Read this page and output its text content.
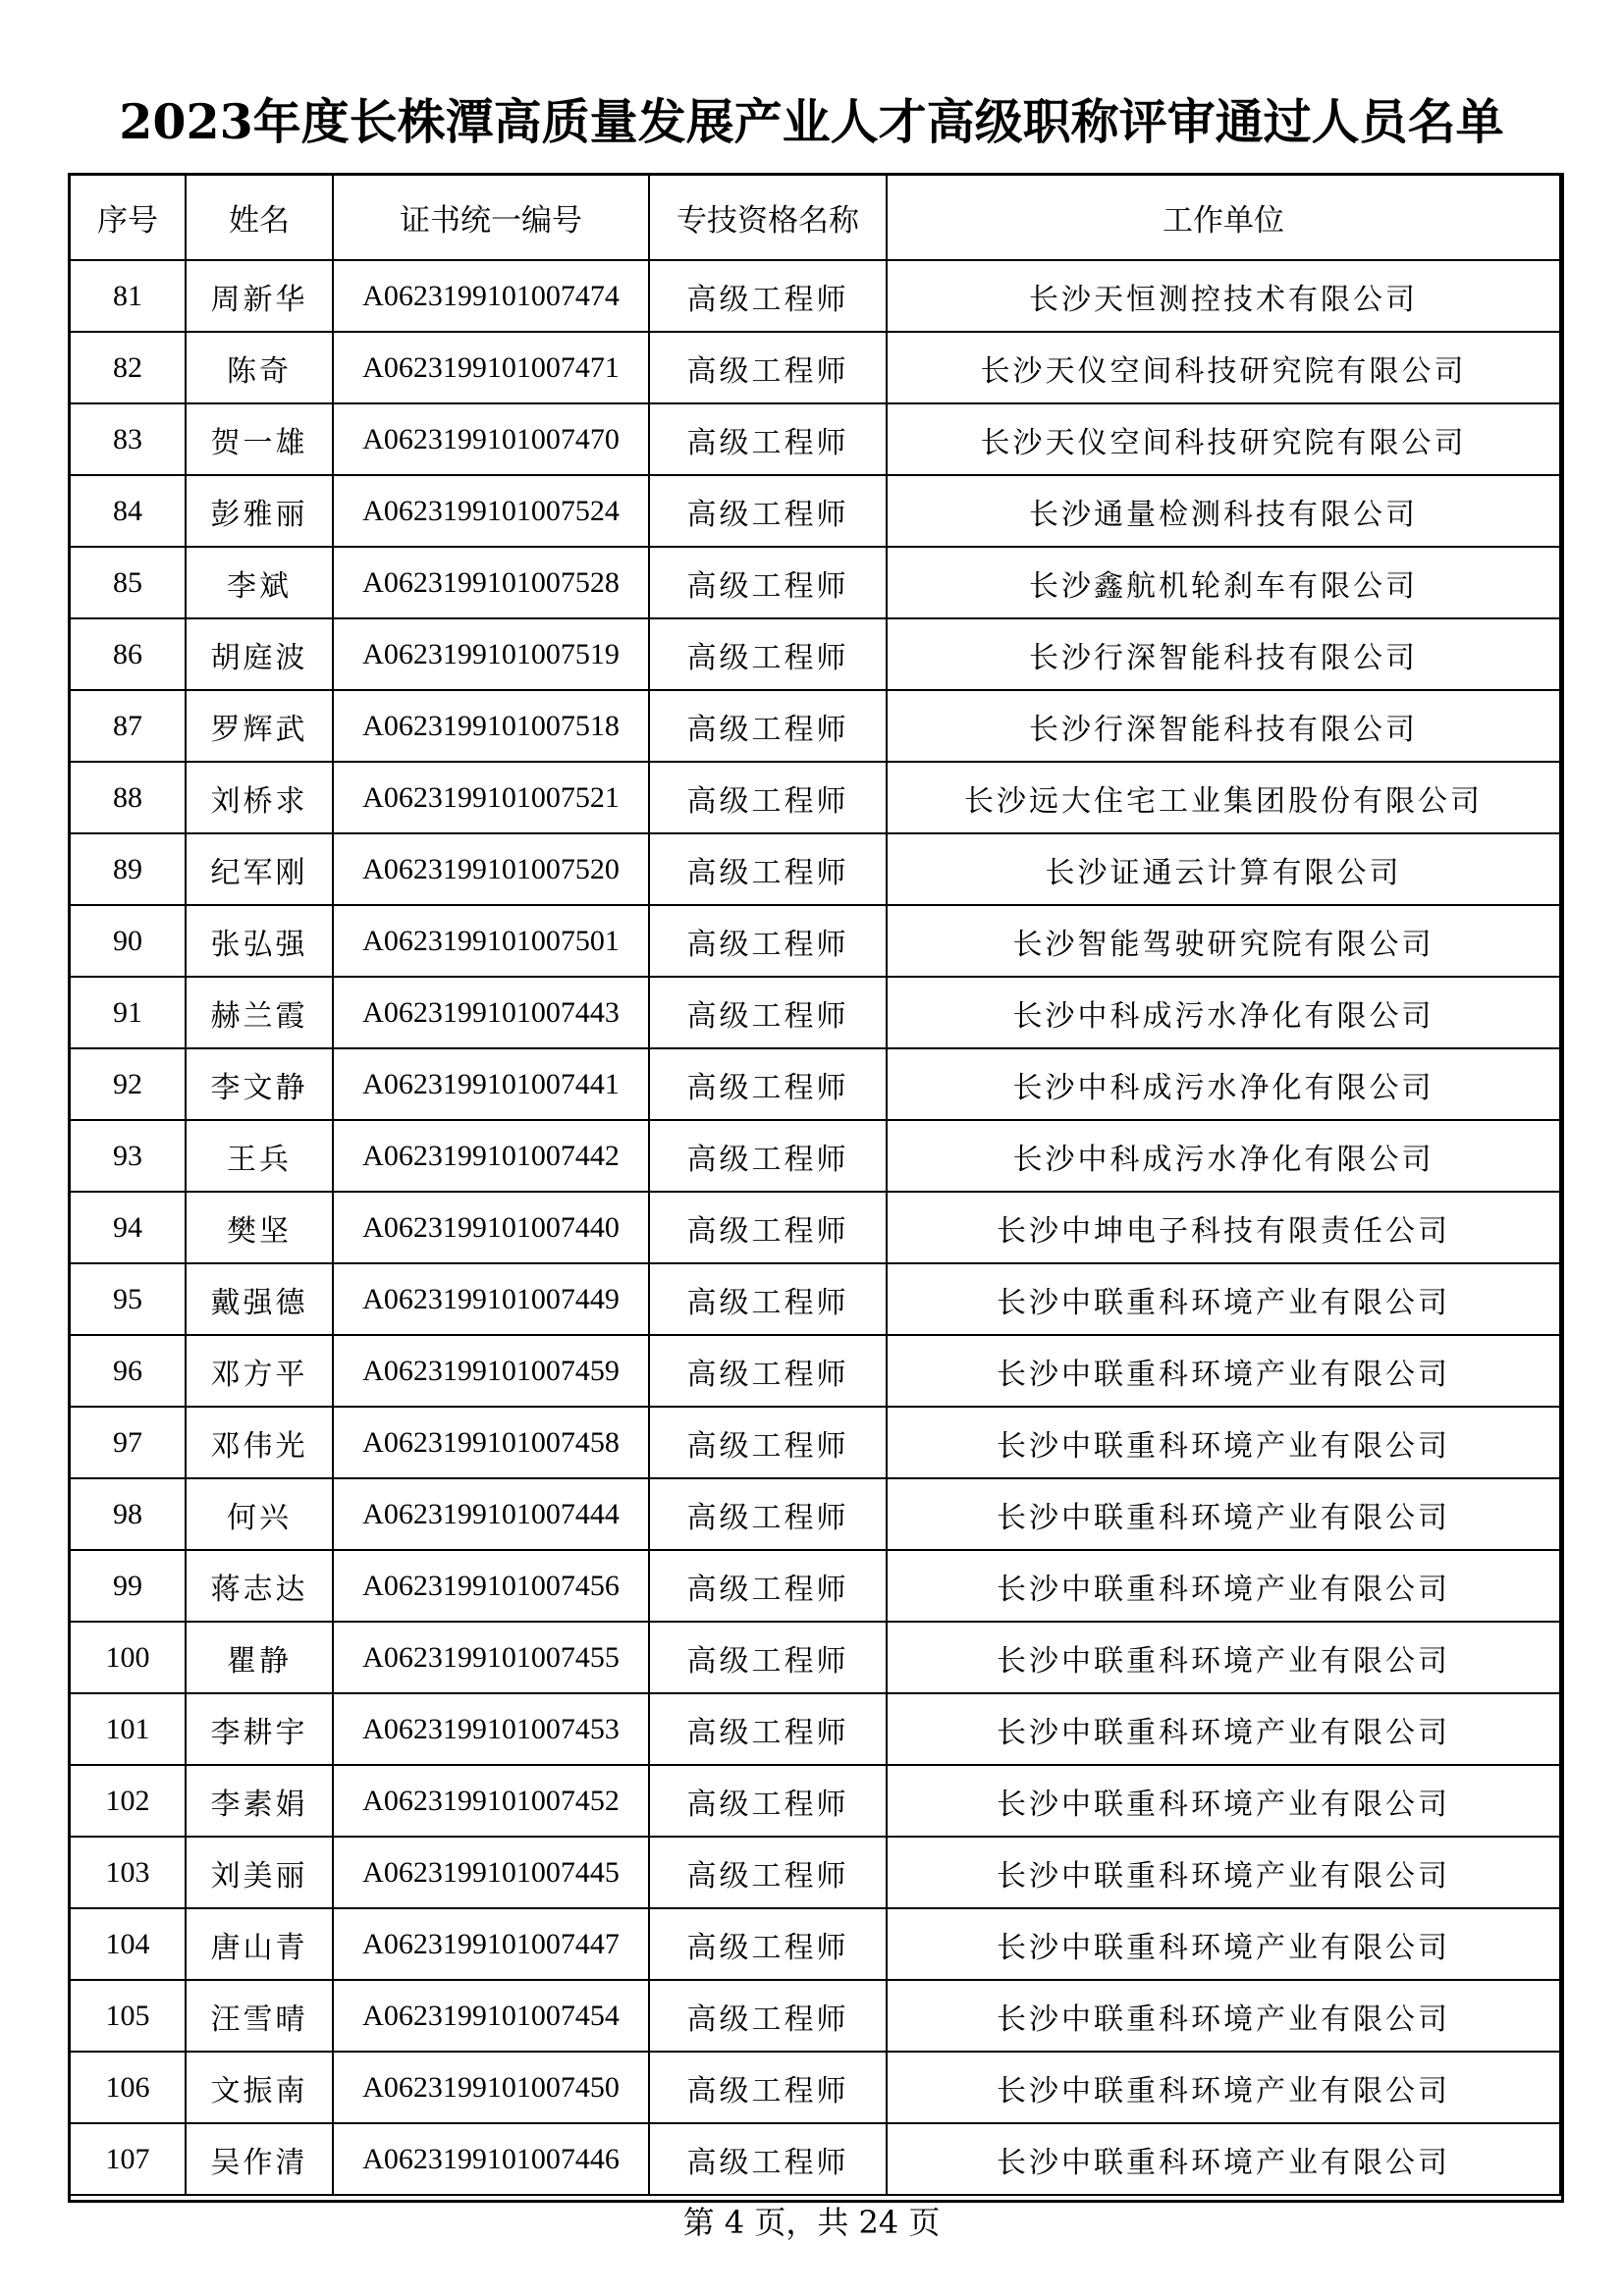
2023年度长株潭高质量发展产业人才高级职称评审通过人员名单
序号	姓名	证书统一编号	专技资格名称	工作单位
81	周新华	A0623199101007474	高级工程师	长沙天恒测控技术有限公司
82	陈奇	A0623199101007471	高级工程师	长沙天仪空间科技研究院有限公司
83	贺一雄	A0623199101007470	高级工程师	长沙天仪空间科技研究院有限公司
84	彭雅丽	A0623199101007524	高级工程师	长沙通量检测科技有限公司
85	李斌	A0623199101007528	高级工程师	长沙鑫航机轮刹车有限公司
86	胡庭波	A0623199101007519	高级工程师	长沙行深智能科技有限公司
87	罗辉武	A0623199101007518	高级工程师	长沙行深智能科技有限公司
88	刘桥求	A0623199101007521	高级工程师	长沙远大住宅工业集团股份有限公司
89	纪军刚	A0623199101007520	高级工程师	长沙证通云计算有限公司
90	张弘强	A0623199101007501	高级工程师	长沙智能驾驶研究院有限公司
91	赫兰霞	A0623199101007443	高级工程师	长沙中科成污水净化有限公司
92	李文静	A0623199101007441	高级工程师	长沙中科成污水净化有限公司
93	王兵	A0623199101007442	高级工程师	长沙中科成污水净化有限公司
94	樊坚	A0623199101007440	高级工程师	长沙中坤电子科技有限责任公司
95	戴强德	A0623199101007449	高级工程师	长沙中联重科环境产业有限公司
96	邓方平	A0623199101007459	高级工程师	长沙中联重科环境产业有限公司
97	邓伟光	A0623199101007458	高级工程师	长沙中联重科环境产业有限公司
98	何兴	A0623199101007444	高级工程师	长沙中联重科环境产业有限公司
99	蒋志达	A0623199101007456	高级工程师	长沙中联重科环境产业有限公司
100	瞿静	A0623199101007455	高级工程师	长沙中联重科环境产业有限公司
101	李耕宇	A0623199101007453	高级工程师	长沙中联重科环境产业有限公司
102	李素娟	A0623199101007452	高级工程师	长沙中联重科环境产业有限公司
103	刘美丽	A0623199101007445	高级工程师	长沙中联重科环境产业有限公司
104	唐山青	A0623199101007447	高级工程师	长沙中联重科环境产业有限公司
105	汪雪晴	A0623199101007454	高级工程师	长沙中联重科环境产业有限公司
106	文振南	A0623199101007450	高级工程师	长沙中联重科环境产业有限公司
107	吴作清	A0623199101007446	高级工程师	长沙中联重科环境产业有限公司
第 4 页，共 24 页
